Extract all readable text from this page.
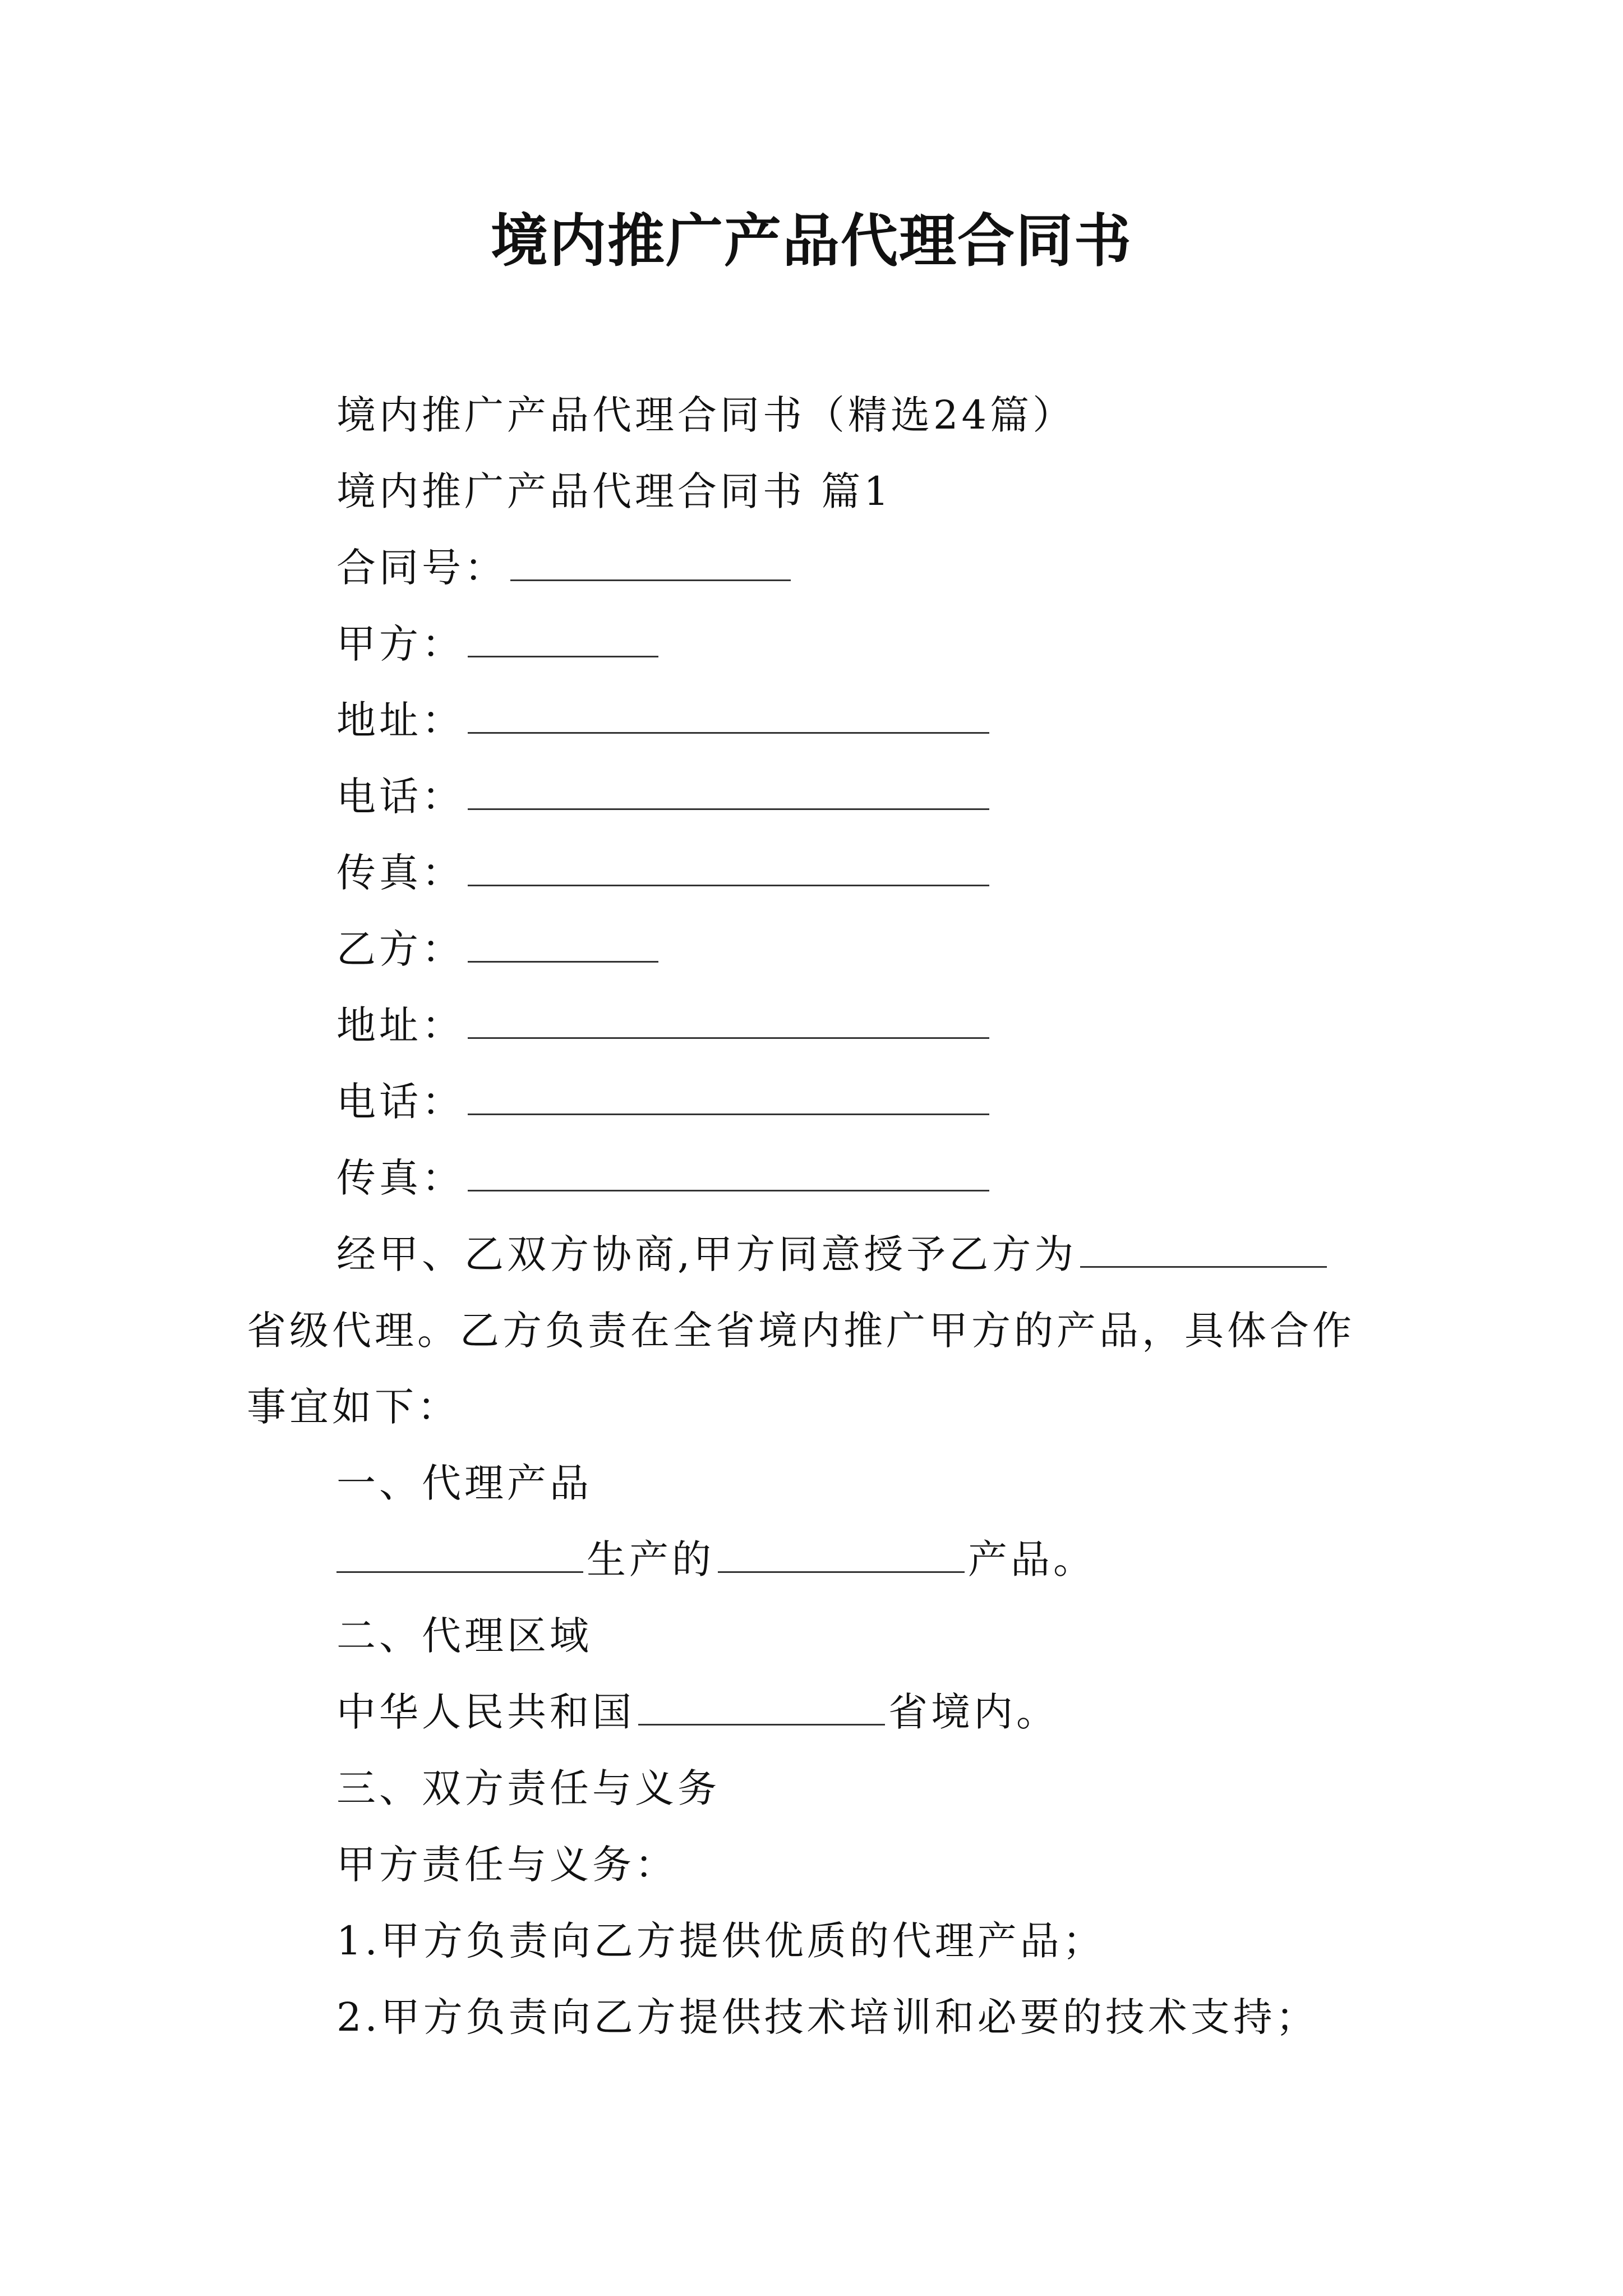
境内推广产品代理合同书
境内推广产品代理合同书（精选24篇）
境内推广产品代理合同书 篇1
合同号：
甲方：
地址：
电话：
传真：
乙方：
地址：
电话：
传真：
经甲、乙双方协商,甲方同意授予乙方为
省级代理。乙方负责在全省境内推广甲方的产品，具体合作
事宜如下：
一、代理产品
生产的	产品。
二、代理区域
中华人民共和国	省境内。
三、双方责任与义务
甲方责任与义务：
1.甲方负责向乙方提供优质的代理产品；
2.甲方负责向乙方提供技术培训和必要的技术支持；
